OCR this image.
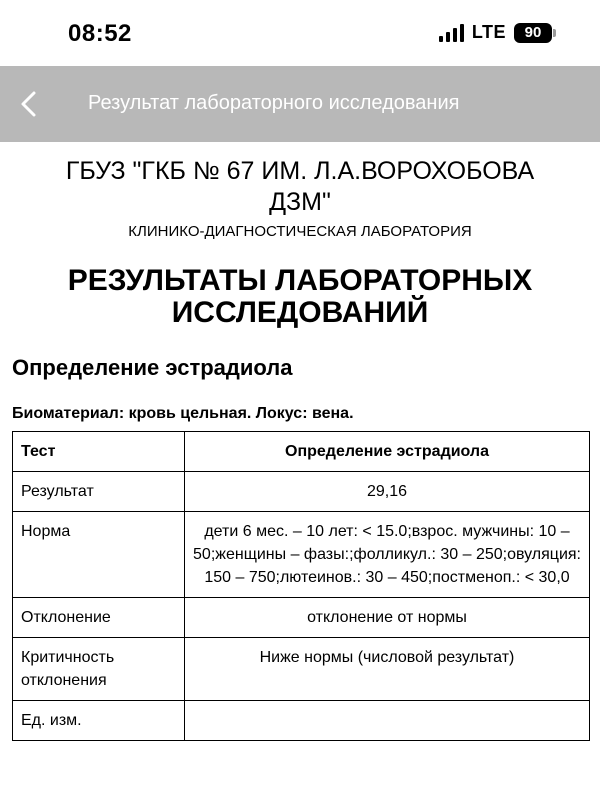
08:52	LTE	90
Результат лабораторного исследования
ГБУЗ "ГКБ № 67 ИМ. Л.А.ВОРОХОБОВА ДЗМ"
КЛИНИКО-ДИАГНОСТИЧЕСКАЯ ЛАБОРАТОРИЯ
РЕЗУЛЬТАТЫ ЛАБОРАТОРНЫХ ИССЛЕДОВАНИЙ
Определение эстрадиола
Биоматериал: кровь цельная. Локус: вена.
Тест	Определение эстрадиола
Результат	29,16
Норма	дети 6 мес. – 10 лет: < 15.0;взрос. мужчины: 10 – 50;женщины – фазы:;фолликул.: 30 – 250;овуляция: 150 – 750;лютеинов.: 30 – 450;постменоп.: < 30,0
Отклонение	отклонение от нормы
Критичность отклонения	Ниже нормы (числовой результат)
Ед. изм.	
